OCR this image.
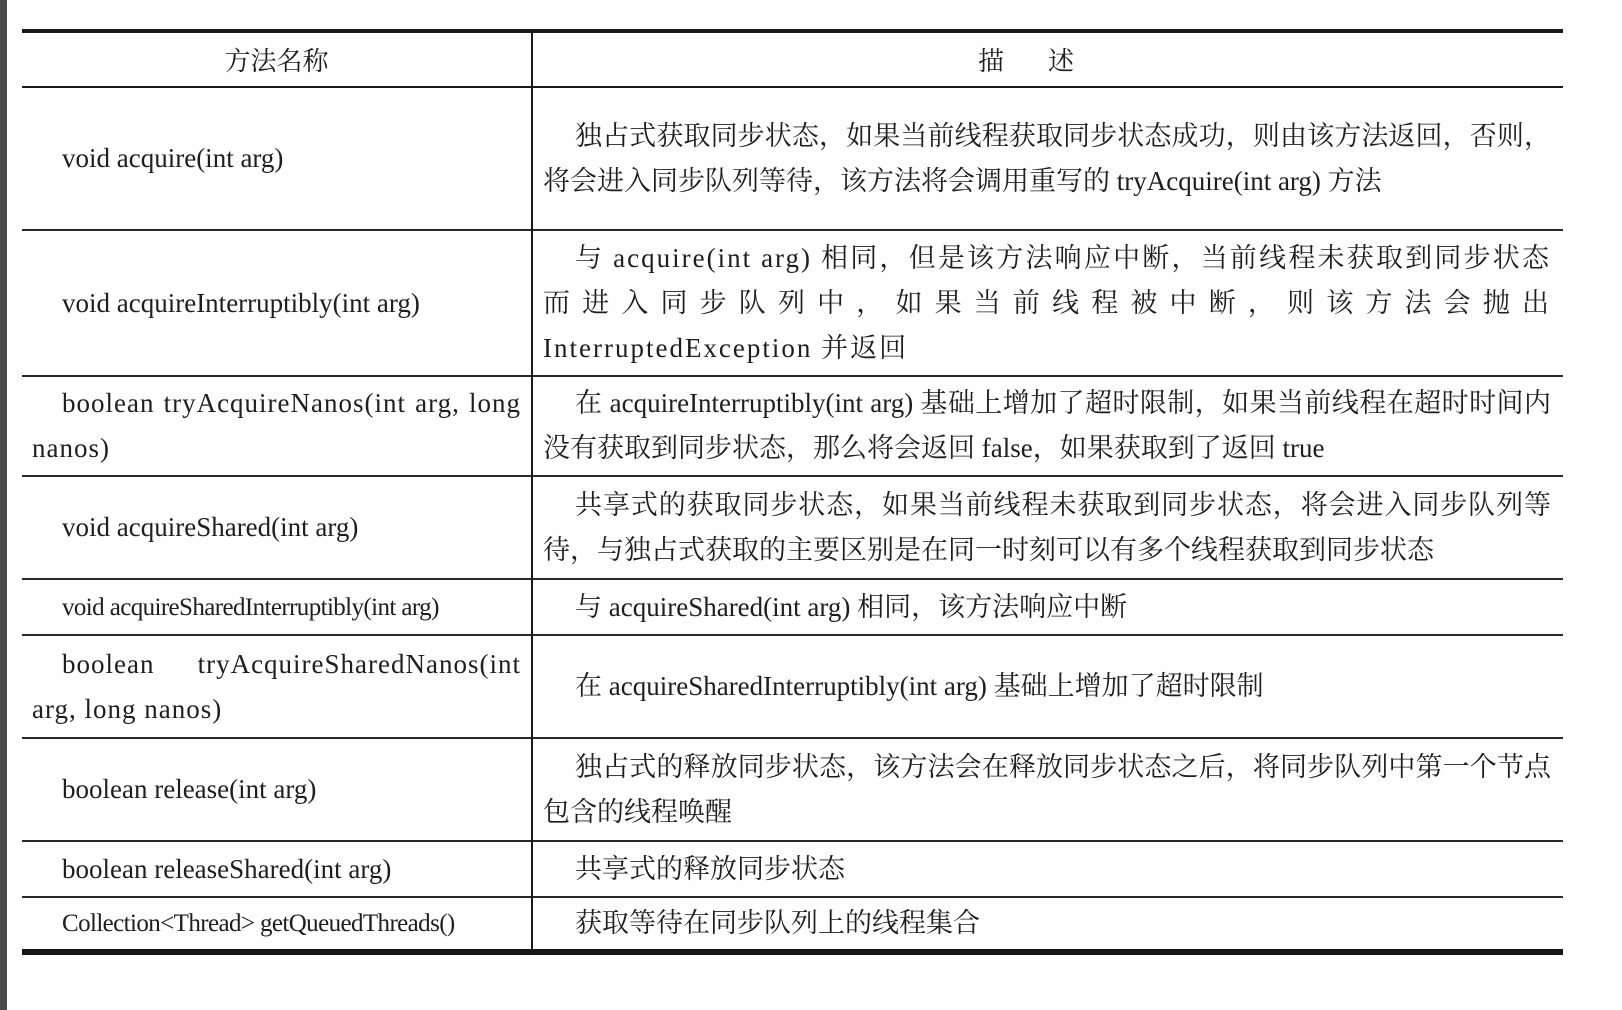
方法名称	描述

void acquire(int arg)	独占式获取同步状态，如果当前线程获取同步状态成功，则由该方法返回，否则，将会进入同步队列等待，该方法将会调用重写的 tryAcquire(int arg) 方法

void acquireInterruptibly(int arg)	与 acquire(int arg) 相同，但是该方法响应中断，当前线程未获取到同步状态而进入同步队列中，如果当前线程被中断，则该方法会抛出 InterruptedException 并返回

boolean tryAcquireNanos(int arg, long nanos)	在 acquireInterruptibly(int arg) 基础上增加了超时限制，如果当前线程在超时时间内没有获取到同步状态，那么将会返回 false，如果获取到了返回 true

void acquireShared(int arg)	共享式的获取同步状态，如果当前线程未获取到同步状态，将会进入同步队列等待，与独占式获取的主要区别是在同一时刻可以有多个线程获取到同步状态

void acquireSharedInterruptibly(int arg)	与 acquireShared(int arg) 相同，该方法响应中断

boolean tryAcquireSharedNanos(int arg, long nanos)	在 acquireSharedInterruptibly(int arg) 基础上增加了超时限制

boolean release(int arg)	独占式的释放同步状态，该方法会在释放同步状态之后，将同步队列中第一个节点包含的线程唤醒

boolean releaseShared(int arg)	共享式的释放同步状态

Collection<Thread> getQueuedThreads()	获取等待在同步队列上的线程集合
